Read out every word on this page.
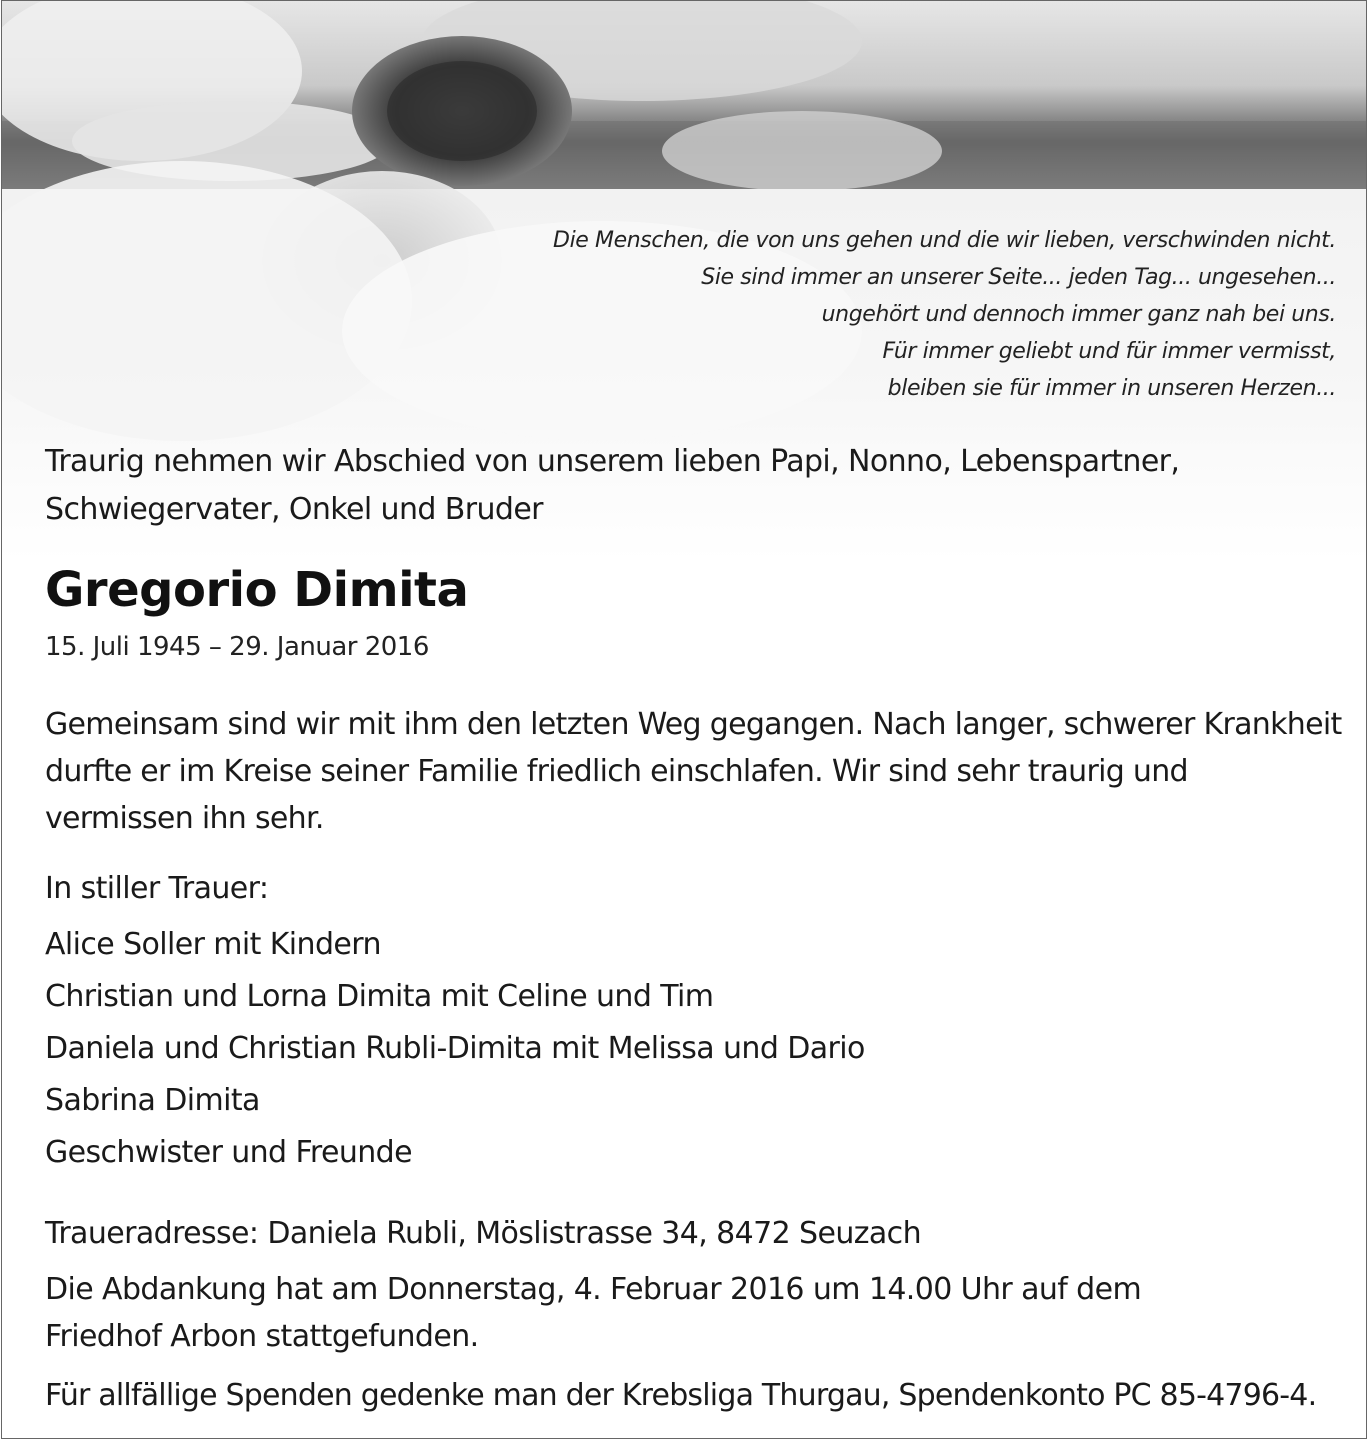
Die Menschen, die von uns gehen und die wir lieben, verschwinden nicht.
Sie sind immer an unserer Seite... jeden Tag... ungesehen...
ungehört und dennoch immer ganz nah bei uns.
Für immer geliebt und für immer vermisst,
bleiben sie für immer in unseren Herzen...
Traurig nehmen wir Abschied von unserem lieben Papi, Nonno, Lebenspartner,
Schwiegervater, Onkel und Bruder
Gregorio Dimita
15. Juli 1945 – 29. Januar 2016
Gemeinsam sind wir mit ihm den letzten Weg gegangen. Nach langer, schwerer Krankheit
durfte er im Kreise seiner Familie friedlich einschlafen. Wir sind sehr traurig und
vermissen ihn sehr.
In stiller Trauer:
Alice Soller mit Kindern
Christian und Lorna Dimita mit Celine und Tim
Daniela und Christian Rubli-Dimita mit Melissa und Dario
Sabrina Dimita
Geschwister und Freunde
Traueradresse: Daniela Rubli, Möslistrasse 34, 8472 Seuzach
Die Abdankung hat am Donnerstag, 4. Februar 2016 um 14.00 Uhr auf dem
Friedhof Arbon stattgefunden.
Für allfällige Spenden gedenke man der Krebsliga Thurgau, Spendenkonto PC 85-4796-4.
